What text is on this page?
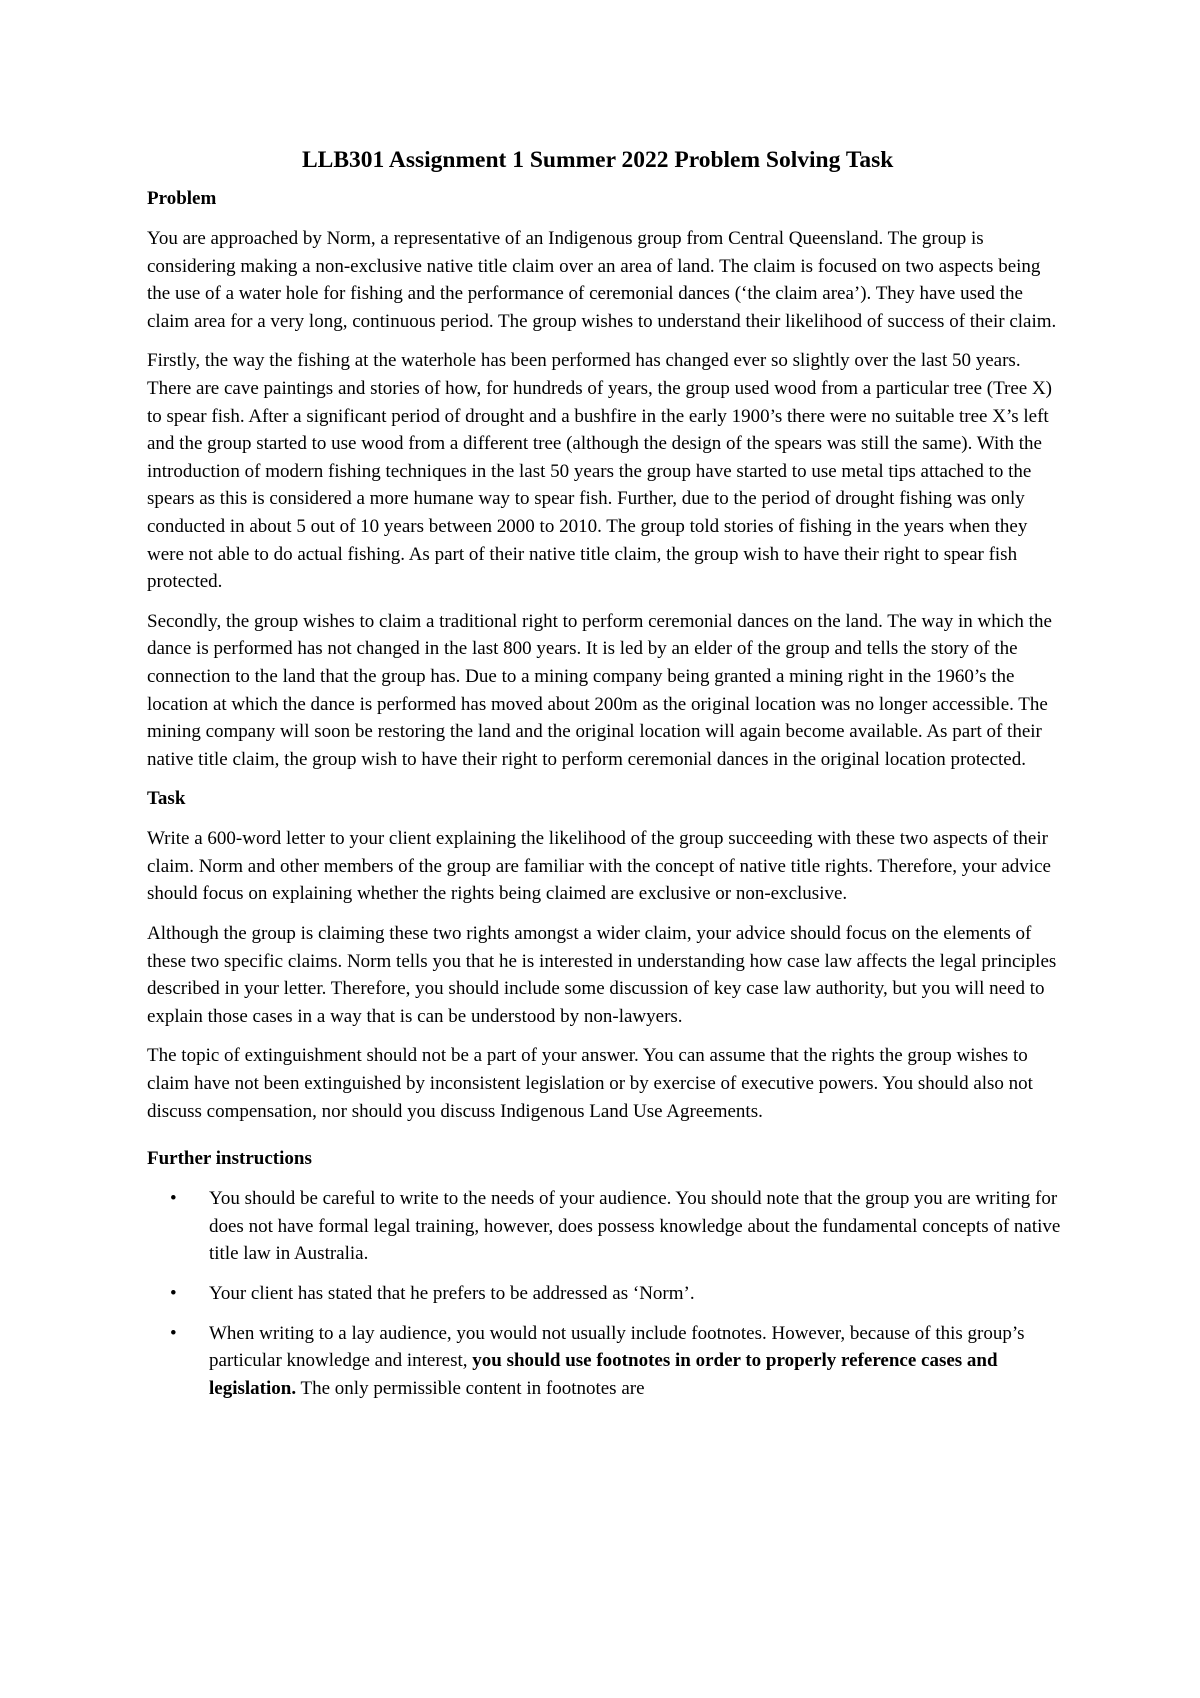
LLB301 Assignment 1 Summer 2022 Problem Solving Task
Problem

You are approached by Norm, a representative of an Indigenous group from Central Queensland. The group is considering making a non-exclusive native title claim over an area of land. The claim is focused on two aspects being the use of a water hole for fishing and the performance of ceremonial dances (‘the claim area’). They have used the claim area for a very long, continuous period. The group wishes to understand their likelihood of success of their claim.

Firstly, the way the fishing at the waterhole has been performed has changed ever so slightly over the last 50 years. There are cave paintings and stories of how, for hundreds of years, the group used wood from a particular tree (Tree X) to spear fish. After a significant period of drought and a bushfire in the early 1900’s there were no suitable tree X’s left and the group started to use wood from a different tree (although the design of the spears was still the same). With the introduction of modern fishing techniques in the last 50 years the group have started to use metal tips attached to the spears as this is considered a more humane way to spear fish. Further, due to the period of drought fishing was only conducted in about 5 out of 10 years between 2000 to 2010. The group told stories of fishing in the years when they were not able to do actual fishing. As part of their native title claim, the group wish to have their right to spear fish protected.

Secondly, the group wishes to claim a traditional right to perform ceremonial dances on the land. The way in which the dance is performed has not changed in the last 800 years. It is led by an elder of the group and tells the story of the connection to the land that the group has. Due to a mining company being granted a mining right in the 1960’s the location at which the dance is performed has moved about 200m as the original location was no longer accessible. The mining company will soon be restoring the land and the original location will again become available. As part of their native title claim, the group wish to have their right to perform ceremonial dances in the original location protected.

Task

Write a 600-word letter to your client explaining the likelihood of the group succeeding with these two aspects of their claim. Norm and other members of the group are familiar with the concept of native title rights. Therefore, your advice should focus on explaining whether the rights being claimed are exclusive or non-exclusive.

Although the group is claiming these two rights amongst a wider claim, your advice should focus on the elements of these two specific claims. Norm tells you that he is interested in understanding how case law affects the legal principles described in your letter. Therefore, you should include some discussion of key case law authority, but you will need to explain those cases in a way that is can be understood by non-lawyers.

The topic of extinguishment should not be a part of your answer. You can assume that the rights the group wishes to claim have not been extinguished by inconsistent legislation or by exercise of executive powers. You should also not discuss compensation, nor should you discuss Indigenous Land Use Agreements.

Further instructions
• You should be careful to write to the needs of your audience. You should note that the group you are writing for does not have formal legal training, however, does possess knowledge about the fundamental concepts of native title law in Australia.
• Your client has stated that he prefers to be addressed as ‘Norm’.
• When writing to a lay audience, you would not usually include footnotes. However, because of this group’s particular knowledge and interest, you should use footnotes in order to properly reference cases and legislation. The only permissible content in footnotes are
